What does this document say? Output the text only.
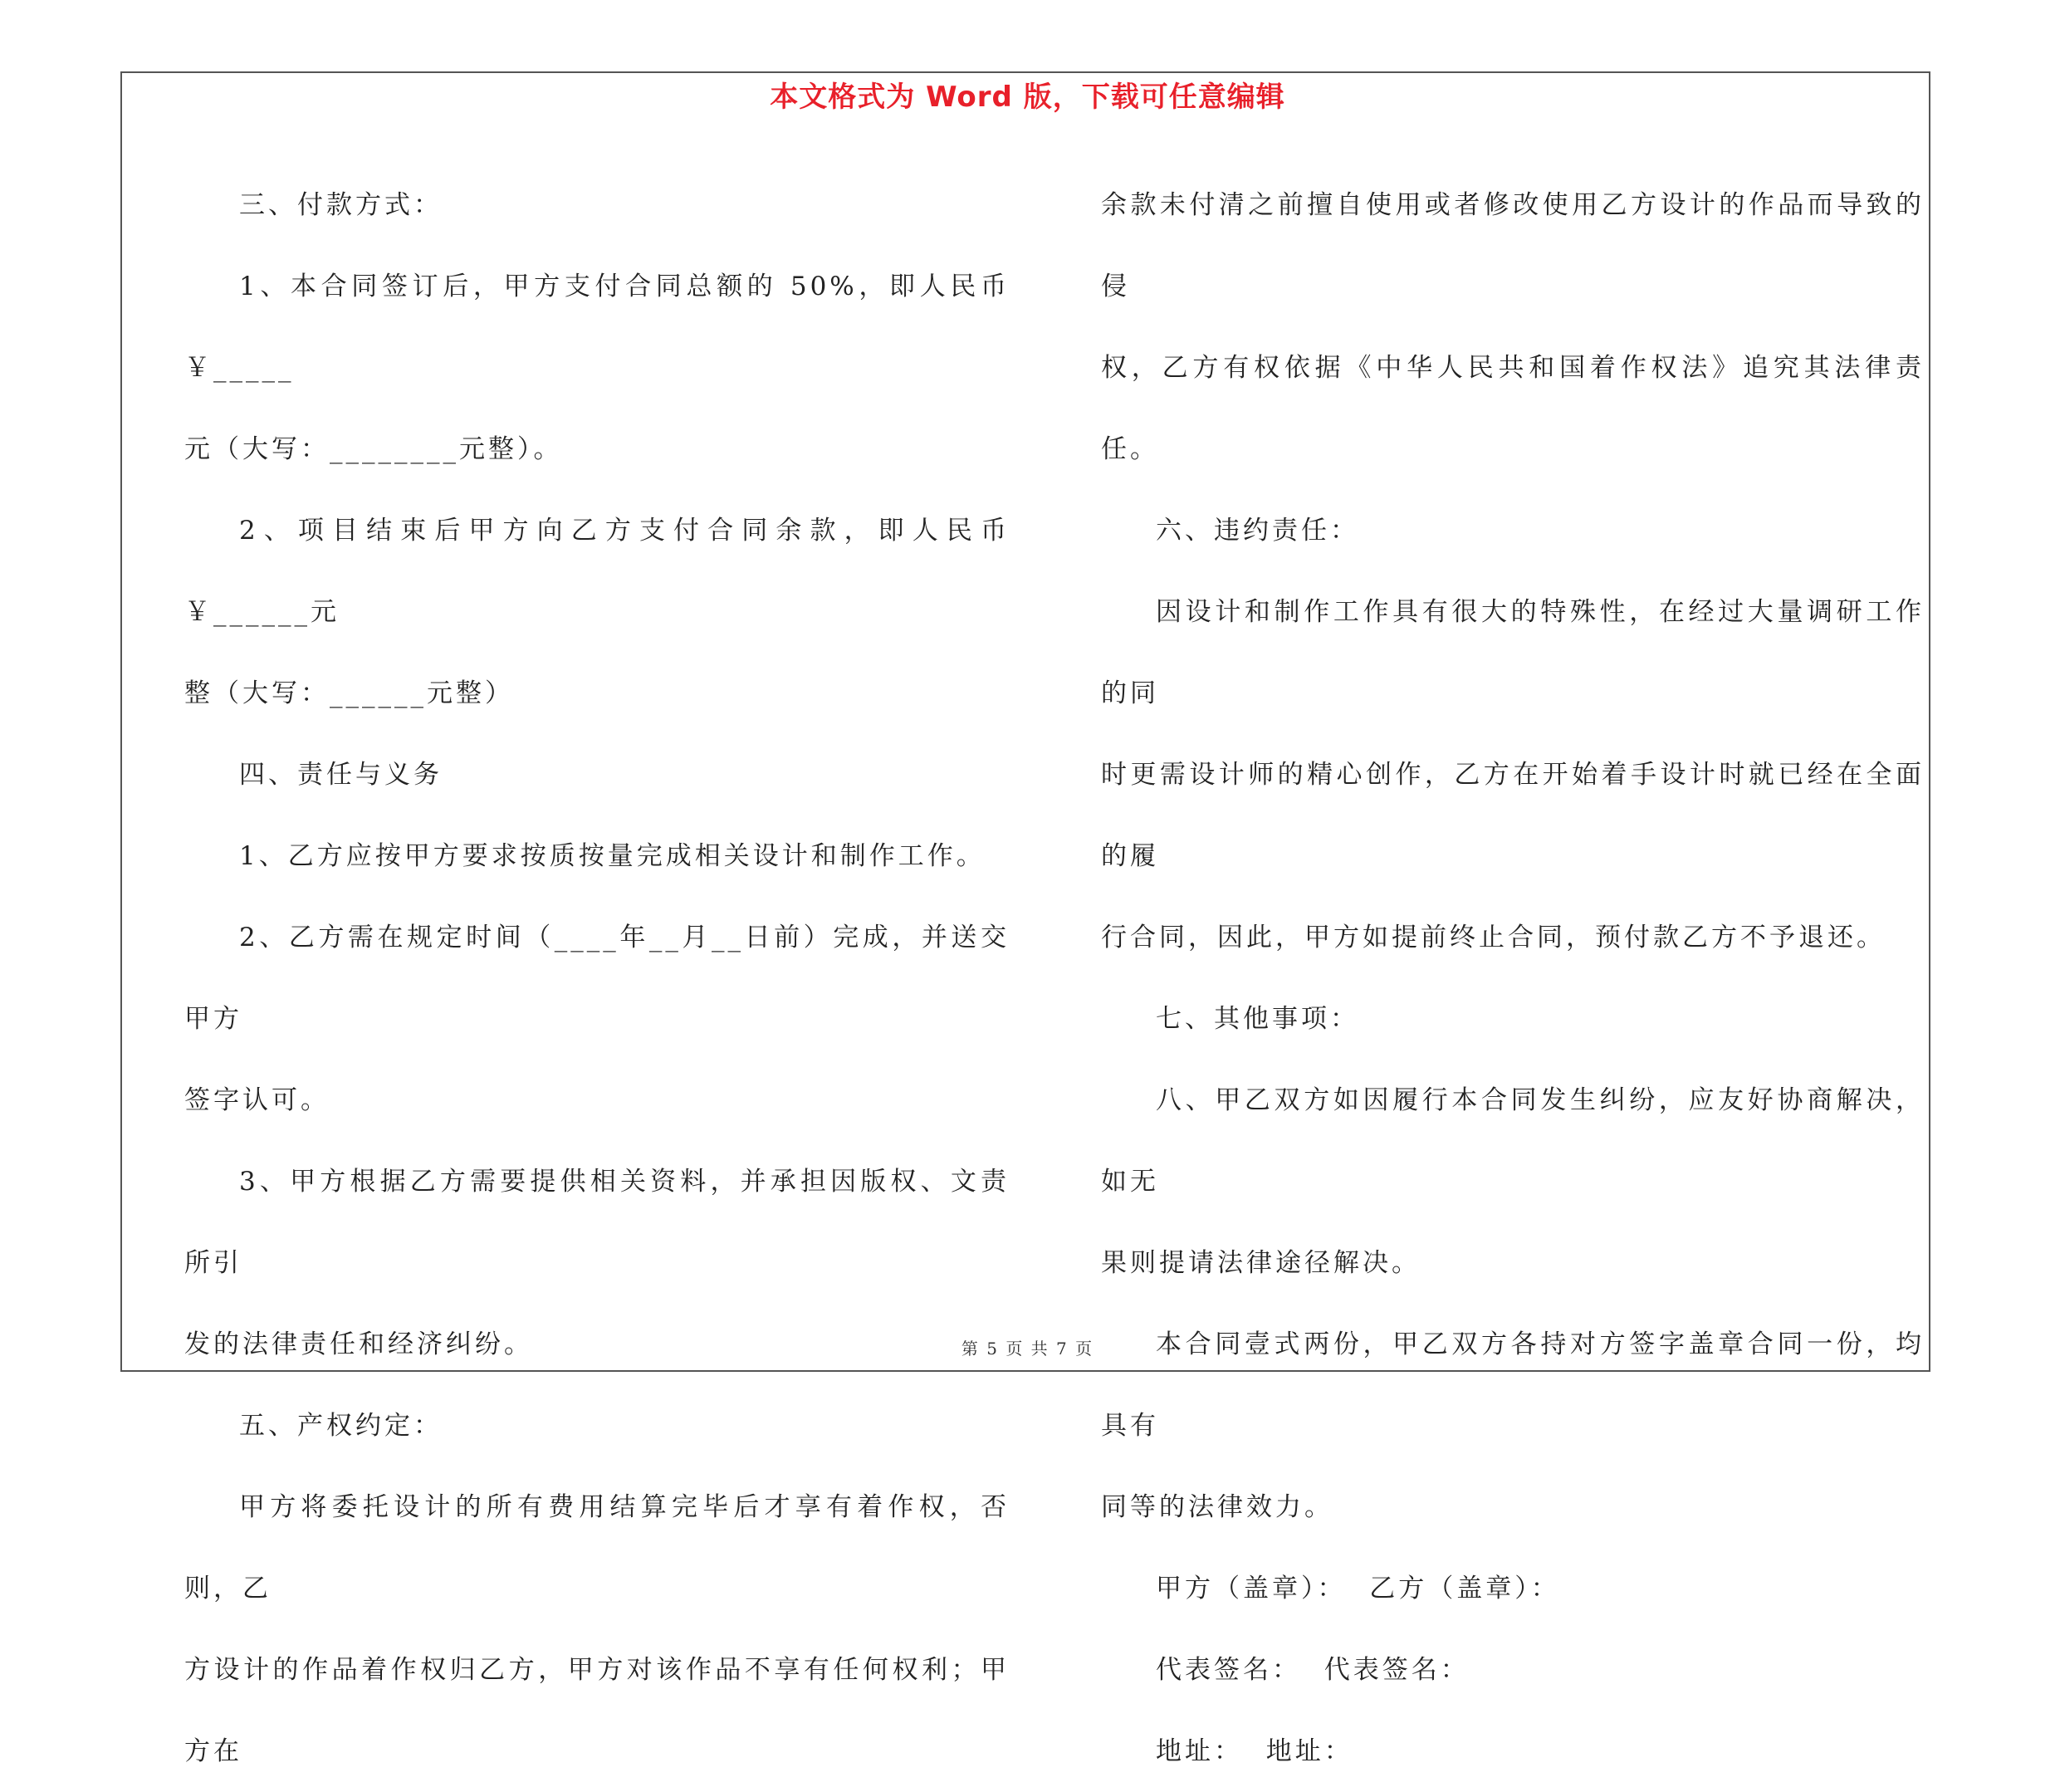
本文格式为 Word 版，下载可任意编辑

三、付款方式：

1、本合同签订后，甲方支付合同总额的 50%，即人民币￥_____

元（大写：________元整）。

2、项目结束后甲方向乙方支付合同余款，即人民币￥______元

整（大写：______元整）

四、责任与义务

1、乙方应按甲方要求按质按量完成相关设计和制作工作。

2、乙方需在规定时间（____年__月__日前）完成，并送交甲方

签字认可。

3、甲方根据乙方需要提供相关资料，并承担因版权、文责所引

发的法律责任和经济纠纷。

五、产权约定：

甲方将委托设计的所有费用结算完毕后才享有着作权，否则，乙

方设计的作品着作权归乙方，甲方对该作品不享有任何权利；甲方在

余款未付清之前擅自使用或者修改使用乙方设计的作品而导致的侵

权，乙方有权依据《中华人民共和国着作权法》追究其法律责任。

六、违约责任：

因设计和制作工作具有很大的特殊性，在经过大量调研工作的同

时更需设计师的精心创作，乙方在开始着手设计时就已经在全面的履

行合同，因此，甲方如提前终止合同，预付款乙方不予退还。

七、其他事项：

八、甲乙双方如因履行本合同发生纠纷，应友好协商解决，如无

果则提请法律途径解决。

本合同壹式两份，甲乙双方各持对方签字盖章合同一份，均具有

同等的法律效力。

甲方（盖章）：  乙方（盖章）：

代表签名：  代表签名：

地址：  地址：

第 5 页 共 7 页
